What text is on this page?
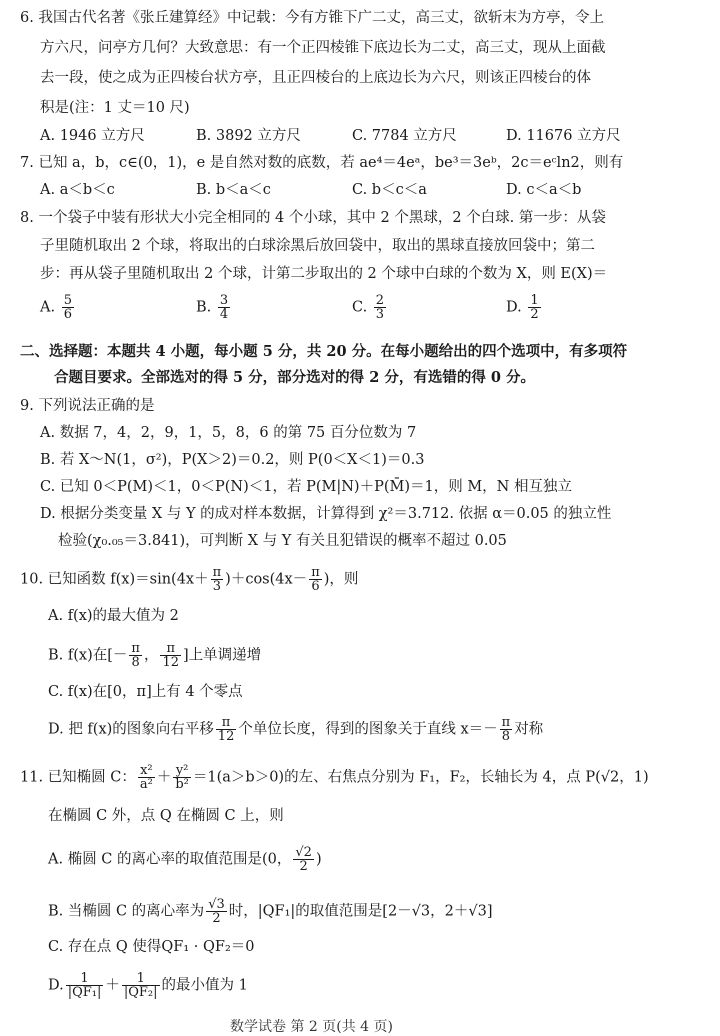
6. 我国古代名著《张丘建算经》中记载：今有方锥下广二丈，高三丈，欲斩末为方亭，令上
方六尺，问亭方几何？大致意思：有一个正四棱锥下底边长为二丈，高三丈，现从上面截
去一段，使之成为正四棱台状方亭，且正四棱台的上底边长为六尺，则该正四棱台的体
积是(注：1 丈＝10 尺)
A. 1946 立方尺	B. 3892 立方尺	C. 7784 立方尺	D. 11676 立方尺
7. 已知 a，b，c∈(0，1)，e 是自然对数的底数，若 ae⁴＝4eᵃ，be³＝3eᵇ，2c＝eᶜln2，则有
A. a＜b＜c	B. b＜a＜c	C. b＜c＜a	D. c＜a＜b
8. 一个袋子中装有形状大小完全相同的 4 个小球，其中 2 个黑球，2 个白球. 第一步：从袋
子里随机取出 2 个球，将取出的白球涂黑后放回袋中，取出的黑球直接放回袋中；第二
步：再从袋子里随机取出 2 个球，计第二步取出的 2 个球中白球的个数为 X，则 E(X)＝
A. $\frac{5}{6}$	B. $\frac{3}{4}$	C. $\frac{2}{3}$	D. $\frac{1}{2}$
二、选择题：本题共 4 小题，每小题 5 分，共 20 分。在每小题给出的四个选项中，有多项符
合题目要求。全部选对的得 5 分，部分选对的得 2 分，有选错的得 0 分。
9. 下列说法正确的是
A. 数据 7，4，2，9，1，5，8，6 的第 75 百分位数为 7
B. 若 X～N(1，σ²)，P(X＞2)＝0.2，则 P(0＜X＜1)＝0.3
C. 已知 0＜P(M)＜1，0＜P(N)＜1，若 P(M|N)＋P(M̄)＝1，则 M，N 相互独立
D. 根据分类变量 X 与 Y 的成对样本数据，计算得到 χ²＝3.712. 依据 α＝0.05 的独立性
检验(χ₀.₀₅＝3.841)，可判断 X 与 Y 有关且犯错误的概率不超过 0.05
10. 已知函数 $f(x)=\sin(4x+ \frac{\pi}{3} )+\cos(4x- \frac{\pi}{6}$ )，则
A. f(x)的最大值为 2
B. f(x)在[－ $\frac{\pi}{8}$ ， $\frac{\pi}{12}$ ]上单调递增
C. f(x)在[0，π]上有 4 个零点
D. 把 f(x)的图象向右平移 $\frac{\pi}{12}$ 个单位长度，得到的图象关于直线 $x=- \frac{\pi}{8}$ 对称
11. 已知椭圆 C： $\frac{\text{x²}}{\text{a²}} + \frac{\text{y²}}{\text{b²}} =1(a>b>0)$的左、右焦点分别为 F₁，F₂，长轴长为 4，点 P(√2，1)
在椭圆 C 外，点 Q 在椭圆 C 上，则
A. 椭圆 C 的离心率的取值范围是(0， $\frac{√2}{2}$ )
B. 当椭圆 C 的离心率为 $\frac{√3}{2}$ 时，|QF₁|的取值范围是[2－√3，2＋√3]
C. 存在点 Q 使得QF₁ · QF₂＝0
D. $\frac{1}{\text{|QF₁|}} + \frac{1}{\text{|QF₂|}}$ 的最小值为 1
数学试卷 第 2 页(共 4 页)
